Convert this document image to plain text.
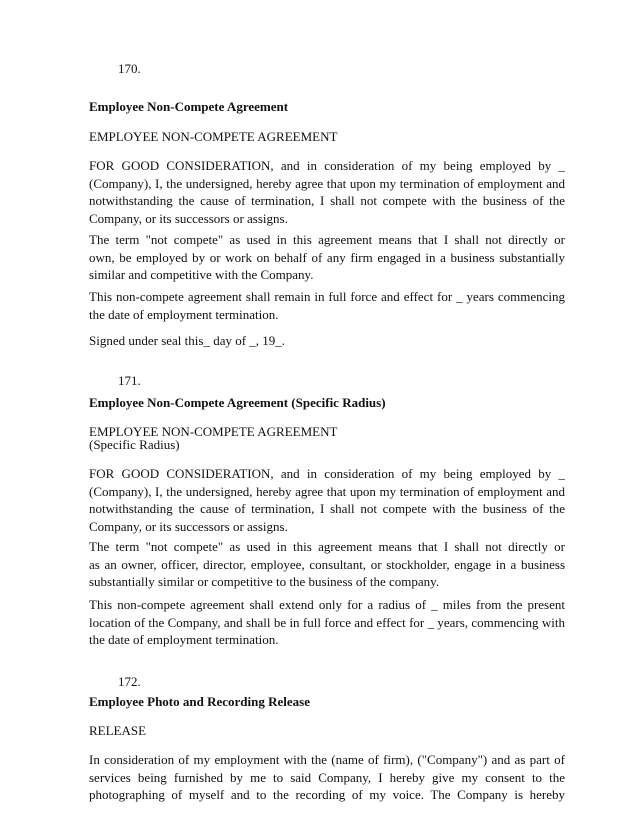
170.
Employee Non-Compete Agreement
EMPLOYEE NON-COMPETE AGREEMENT
FOR GOOD CONSIDERATION, and in consideration of my being employed by _
(Company), I, the undersigned, hereby agree that upon my termination of employment and
notwithstanding the cause of termination, I shall not compete with the business of the
Company, or its successors or assigns.
The term "not compete" as used in this agreement means that I shall not directly or
own, be employed by or work on behalf of any firm engaged in a business substantially
similar and competitive with the Company.
This non-compete agreement shall remain in full force and effect for _ years commencing
the date of employment termination.
Signed under seal this_ day of _, 19_.
171.
Employee Non-Compete Agreement (Specific Radius)
EMPLOYEE NON-COMPETE AGREEMENT
(Specific Radius)
FOR GOOD CONSIDERATION, and in consideration of my being employed by _
(Company), I, the undersigned, hereby agree that upon my termination of employment and
notwithstanding the cause of termination, I shall not compete with the business of the
Company, or its successors or assigns.
The term "not compete" as used in this agreement means that I shall not directly or
as an owner, officer, director, employee, consultant, or stockholder, engage in a business
substantially similar or competitive to the business of the company.
This non-compete agreement shall extend only for a radius of _ miles from the present
location of the Company, and shall be in full force and effect for _ years, commencing with
the date of employment termination.
172.
Employee Photo and Recording Release
RELEASE
In consideration of my employment with the (name of firm), ("Company") and as part of
services being furnished by me to said Company, I hereby give my consent to the
photographing of myself and to the recording of my voice. The Company is hereby
